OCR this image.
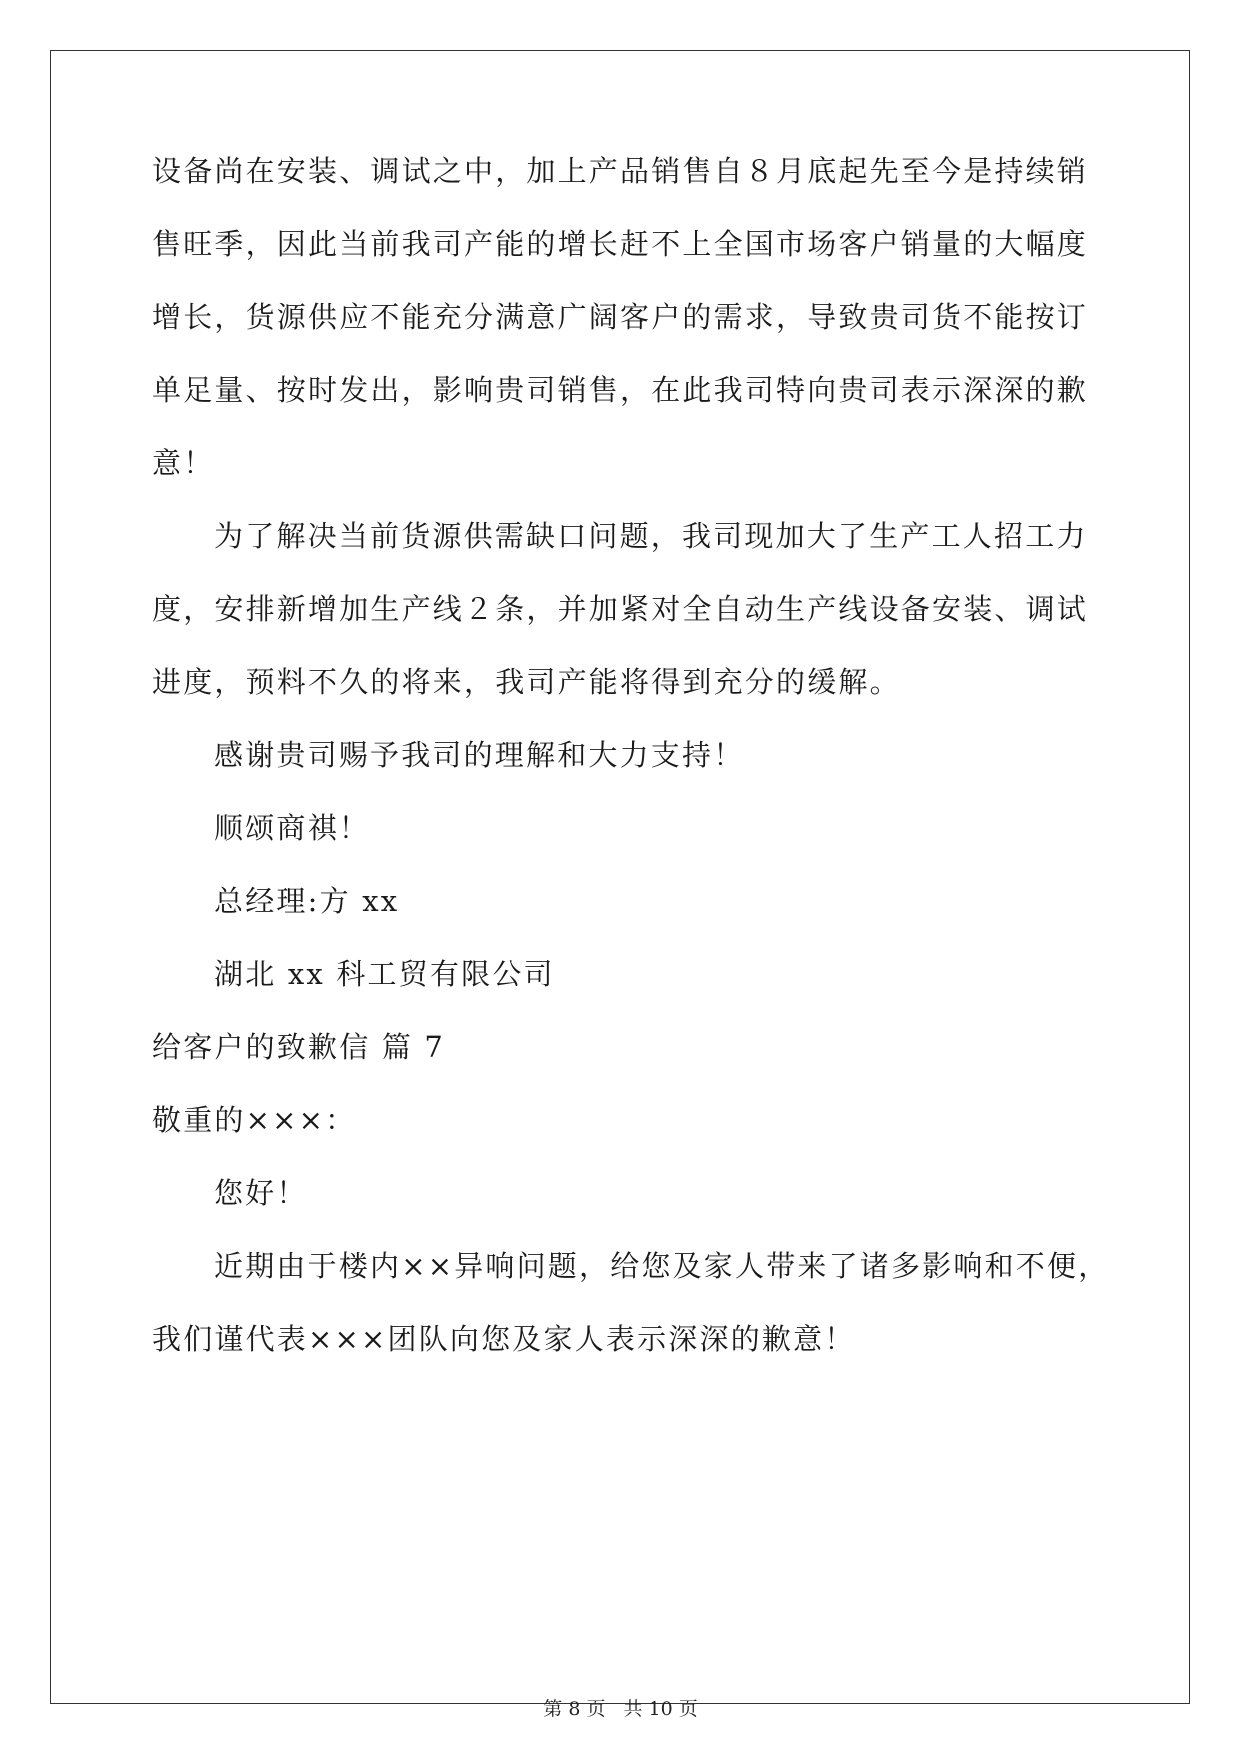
设备尚在安装、调试之中，加上产品销售自８月底起先至今是持续销
售旺季，因此当前我司产能的增长赶不上全国市场客户销量的大幅度
增长，货源供应不能充分满意广阔客户的需求，导致贵司货不能按订
单足量、按时发出，影响贵司销售，在此我司特向贵司表示深深的歉
意！
为了解决当前货源供需缺口问题，我司现加大了生产工人招工力
度，安排新增加生产线２条，并加紧对全自动生产线设备安装、调试
进度，预料不久的将来，我司产能将得到充分的缓解。
感谢贵司赐予我司的理解和大力支持！
顺颂商祺！
总经理:方 xx
湖北 xx 科工贸有限公司
给客户的致歉信 篇 7
敬重的×××：
您好！
近期由于楼内××异响问题，给您及家人带来了诸多影响和不便，
我们谨代表×××团队向您及家人表示深深的歉意！
第 8 页 共 10 页
